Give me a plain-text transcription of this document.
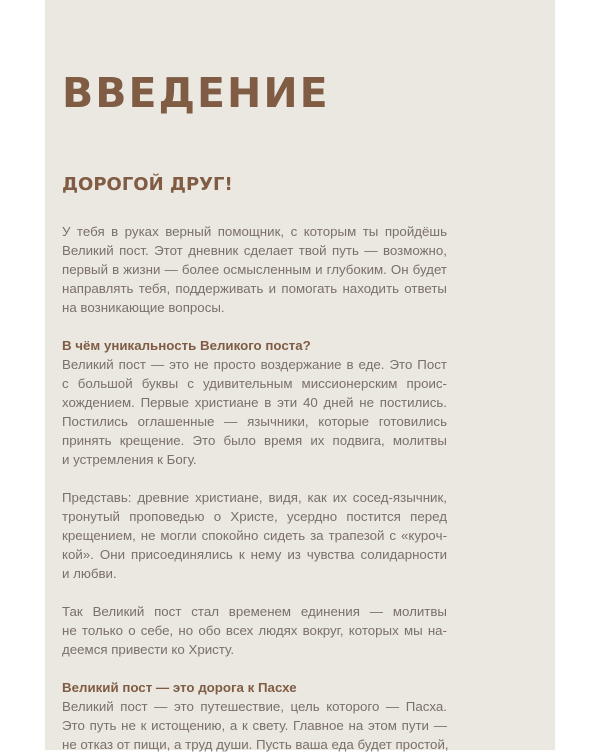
ВВЕДЕНИЕ
ДОРОГОЙ ДРУГ!

У тебя в руках верный помощник, с которым ты пройдёшь
Великий пост. Этот дневник сделает твой путь — возможно,
первый в жизни — более осмысленным и глубоким. Он будет
направлять тебя, поддерживать и помогать находить ответы
на возникающие вопросы.

В чём уникальность Великого поста?
Великий пост — это не просто воздержание в еде. Это Пост
с большой буквы с удивительным миссионерским проис-
хождением. Первые христиане в эти 40 дней не постились.
Постились оглашенные — язычники, которые готовились
принять крещение. Это было время их подвига, молитвы
и устремления к Богу.

Представь: древние христиане, видя, как их сосед-язычник,
тронутый проповедью о Христе, усердно постится перед
крещением, не могли спокойно сидеть за трапезой с «курoч-
кой». Они присоединялись к нему из чувства солидарности
и любви.

Так Великий пост стал временем единения — молитвы
не только о себе, но обо всех людях вокруг, которых мы на-
деемся привести ко Христу.

Великий пост — это дорога к Пасхе
Великий пост — это путешествие, цель которого — Пасха.
Это путь не к истощению, а к свету. Главное на этом пути —
не отказ от пищи, а труд души. Пусть ваша еда будет простой,
